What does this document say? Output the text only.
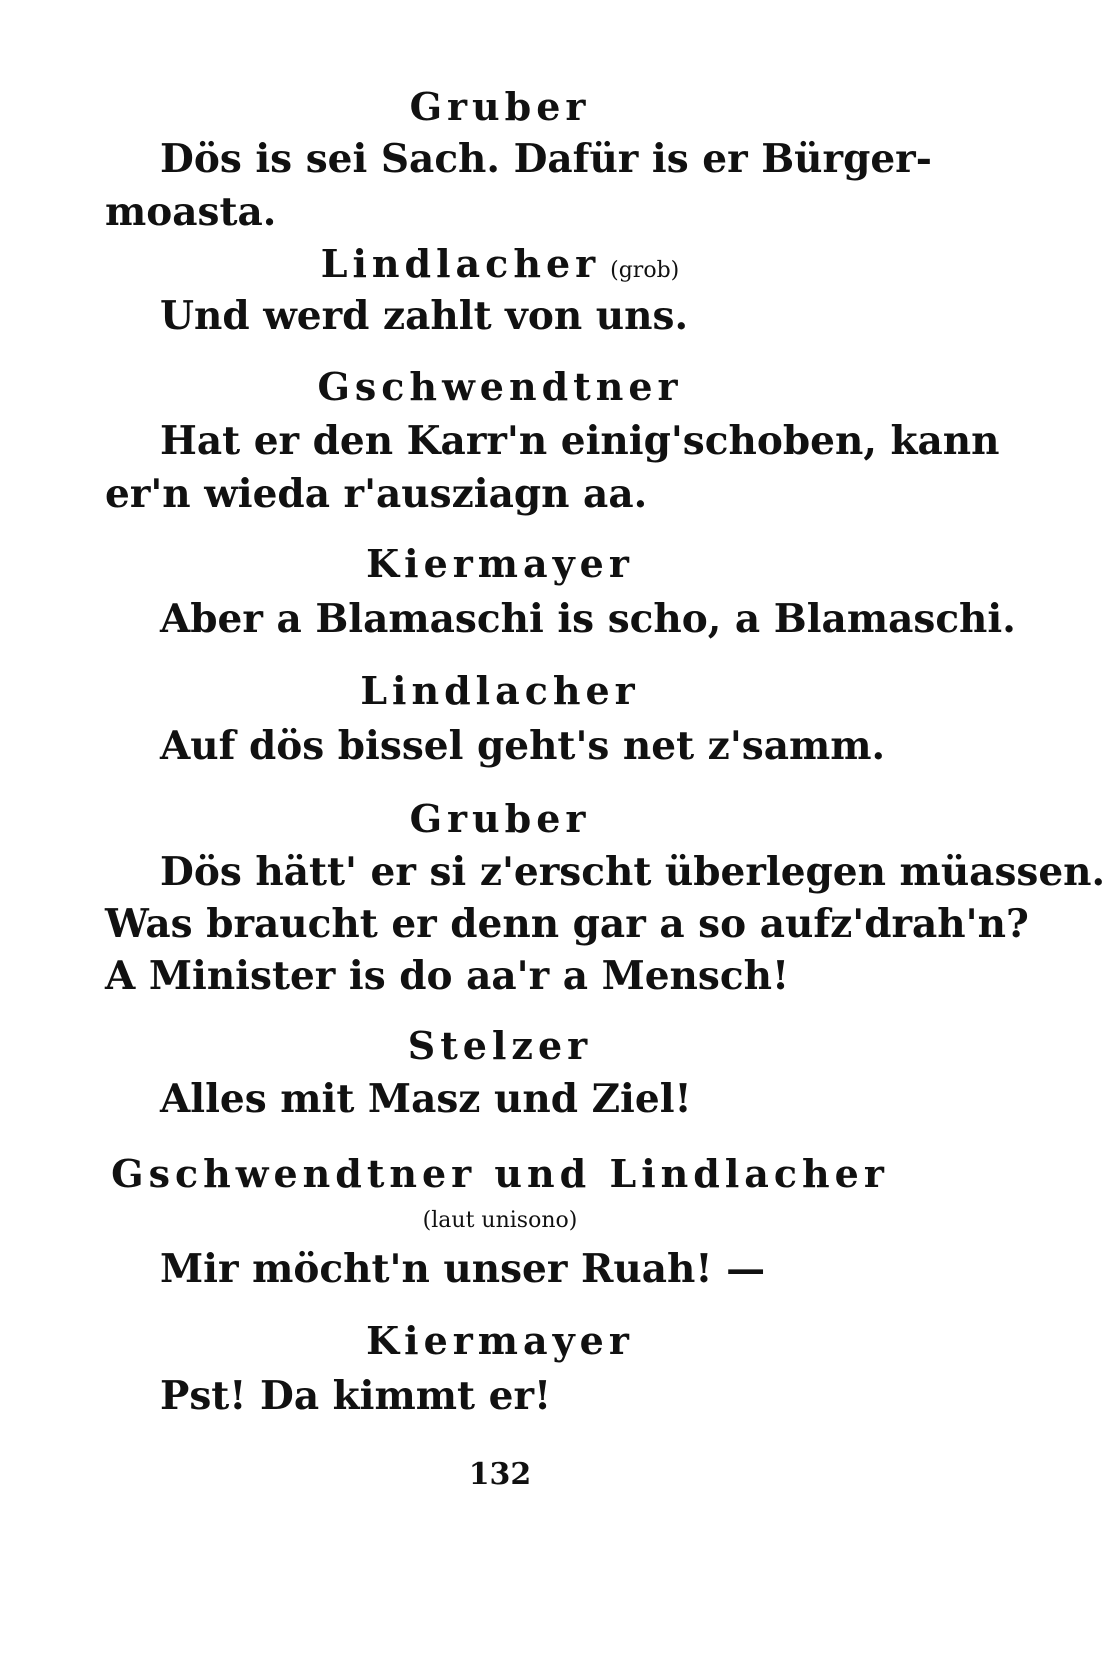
Gruber
Dös is sei Sach. Dafür is er Bürger-
moasta.
Lindlacher (grob)
Und werd zahlt von uns.
Gschwendtner
Hat er den Karr'n einig'schoben, kann
er'n wieda r'ausziagn aa.
Kiermayer
Aber a Blamaschi is scho, a Blamaschi.
Lindlacher
Auf dös bissel geht's net z'samm.
Gruber
Dös hätt' er si z'erscht überlegen müassen.
Was braucht er denn gar a so aufz'drah'n?
A Minister is do aa'r a Mensch!
Stelzer
Alles mit Masz und Ziel!
Gschwendtner und Lindlacher
(laut unisono)
Mir möcht'n unser Ruah! —
Kiermayer
Pst! Da kimmt er!
132
